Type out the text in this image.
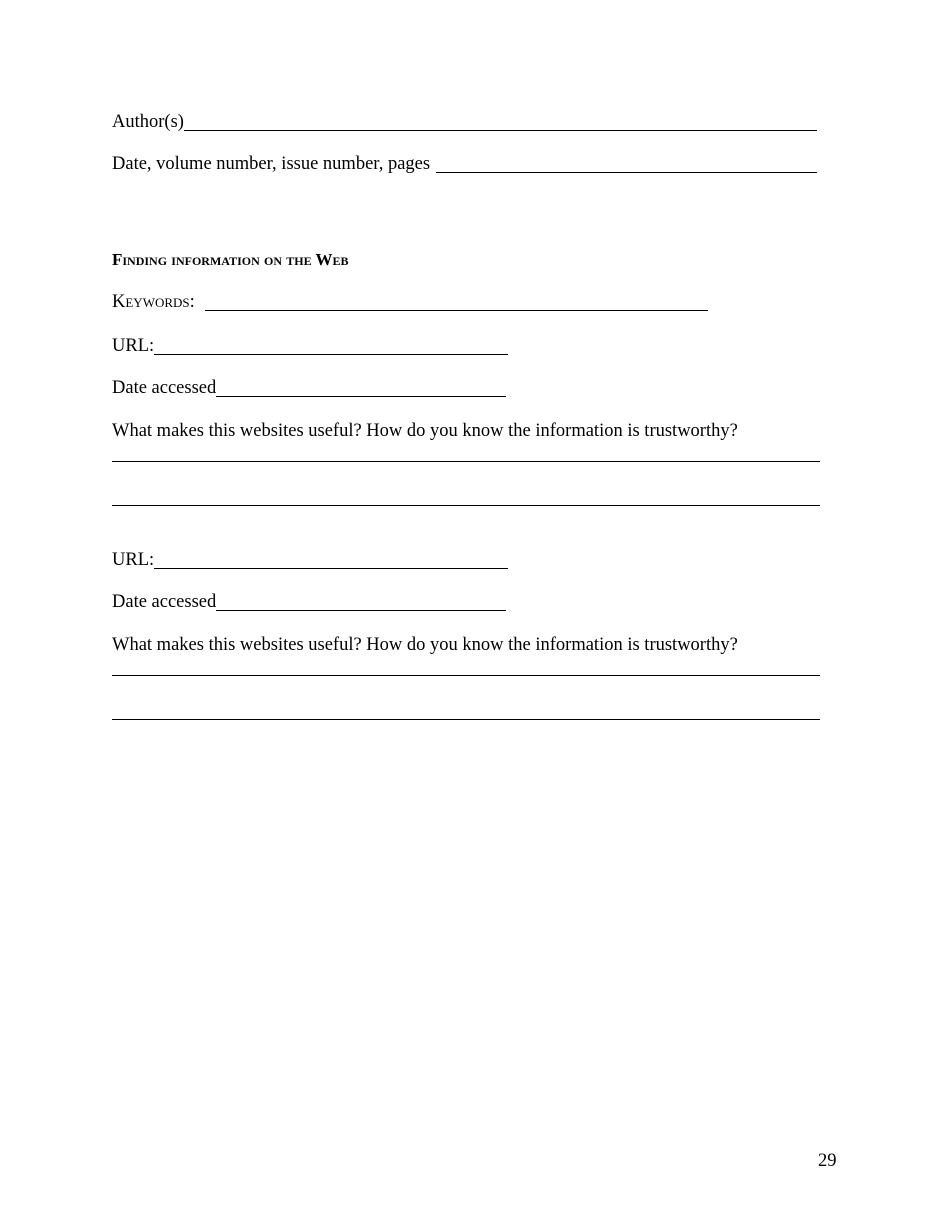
Author(s)
Date, volume number, issue number, pages
Finding information on the Web
Keywords:
URL:
Date accessed
What makes this websites useful? How do you know the information is trustworthy?
URL:
Date accessed
What makes this websites useful? How do you know the information is trustworthy?
29
